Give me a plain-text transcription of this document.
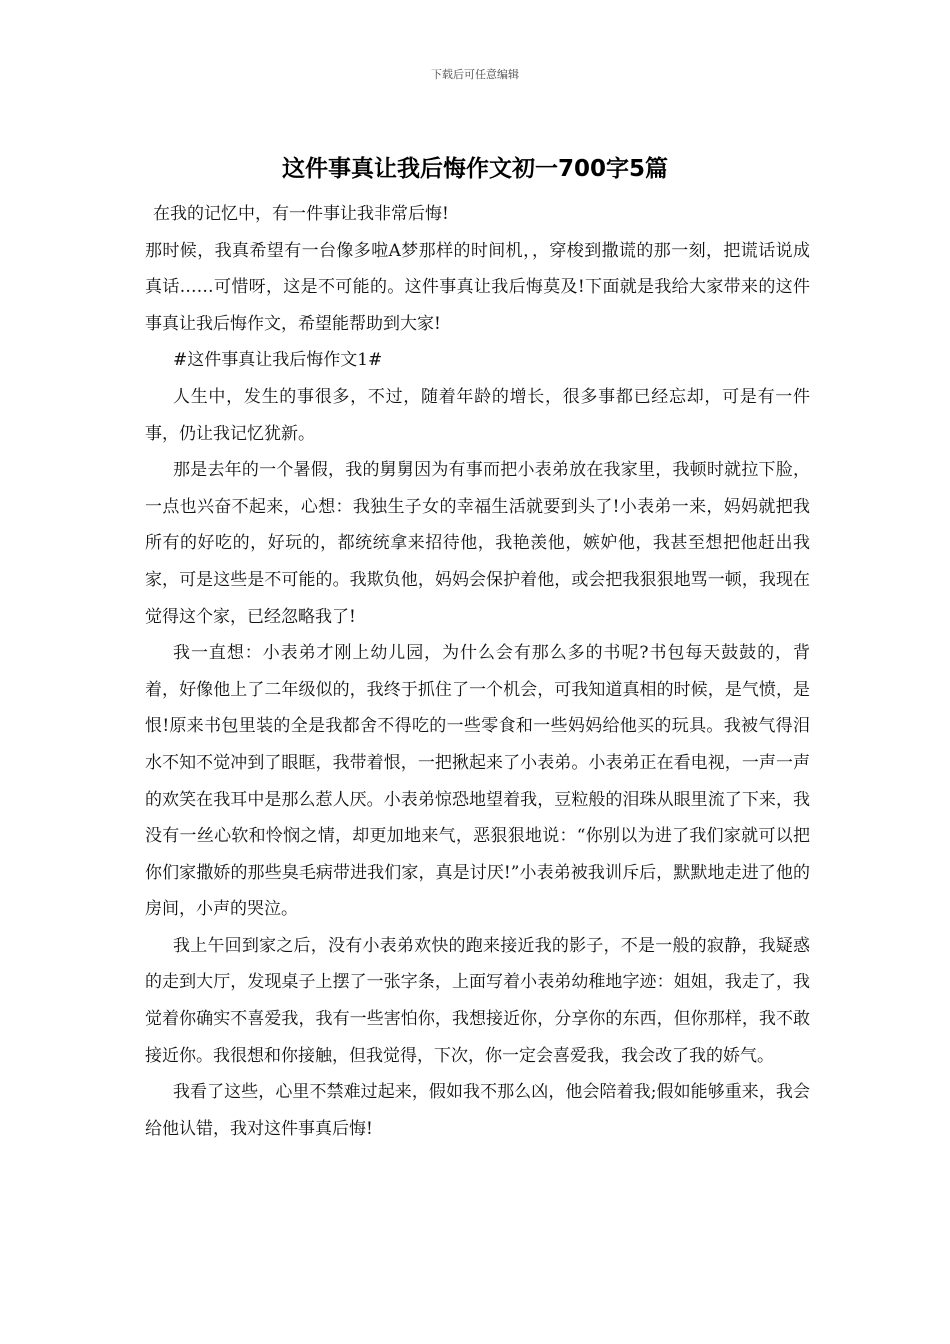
下载后可任意编辑
这件事真让我后悔作文初一700字5篇

在我的记忆中，有一件事让我非常后悔!

那时候，我真希望有一台像多啦A梦那样的时间机，，穿梭到撒谎的那一刻，把谎话说成真话……可惜呀，这是不可能的。这件事真让我后悔莫及!下面就是我给大家带来的这件事真让我后悔作文，希望能帮助到大家!

#这件事真让我后悔作文1#

人生中，发生的事很多，不过，随着年龄的增长，很多事都已经忘却，可是有一件事，仍让我记忆犹新。

那是去年的一个暑假，我的舅舅因为有事而把小表弟放在我家里，我顿时就拉下脸，一点也兴奋不起来，心想：我独生子女的幸福生活就要到头了!小表弟一来，妈妈就把我所有的好吃的，好玩的，都统统拿来招待他，我艳羡他，嫉妒他，我甚至想把他赶出我家，可是这些是不可能的。我欺负他，妈妈会保护着他，或会把我狠狠地骂一顿，我现在觉得这个家，已经忽略我了!

我一直想：小表弟才刚上幼儿园，为什么会有那么多的书呢?书包每天鼓鼓的，背着，好像他上了二年级似的，我终于抓住了一个机会，可我知道真相的时候，是气愤，是恨!原来书包里装的全是我都舍不得吃的一些零食和一些妈妈给他买的玩具。我被气得泪水不知不觉冲到了眼眶，我带着恨，一把揪起来了小表弟。小表弟正在看电视，一声一声的欢笑在我耳中是那么惹人厌。小表弟惊恐地望着我，豆粒般的泪珠从眼里流了下来，我没有一丝心软和怜悯之情，却更加地来气，恶狠狠地说：“你别以为进了我们家就可以把你们家撒娇的那些臭毛病带进我们家，真是讨厌!”小表弟被我训斥后，默默地走进了他的房间，小声的哭泣。

我上午回到家之后，没有小表弟欢快的跑来接近我的影子，不是一般的寂静，我疑惑的走到大厅，发现桌子上摆了一张字条，上面写着小表弟幼稚地字迹：姐姐，我走了，我觉着你确实不喜爱我，我有一些害怕你，我想接近你，分享你的东西，但你那样，我不敢接近你。我很想和你接触，但我觉得，下次，你一定会喜爱我，我会改了我的娇气。

我看了这些，心里不禁难过起来，假如我不那么凶，他会陪着我;假如能够重来，我会给他认错，我对这件事真后悔!
